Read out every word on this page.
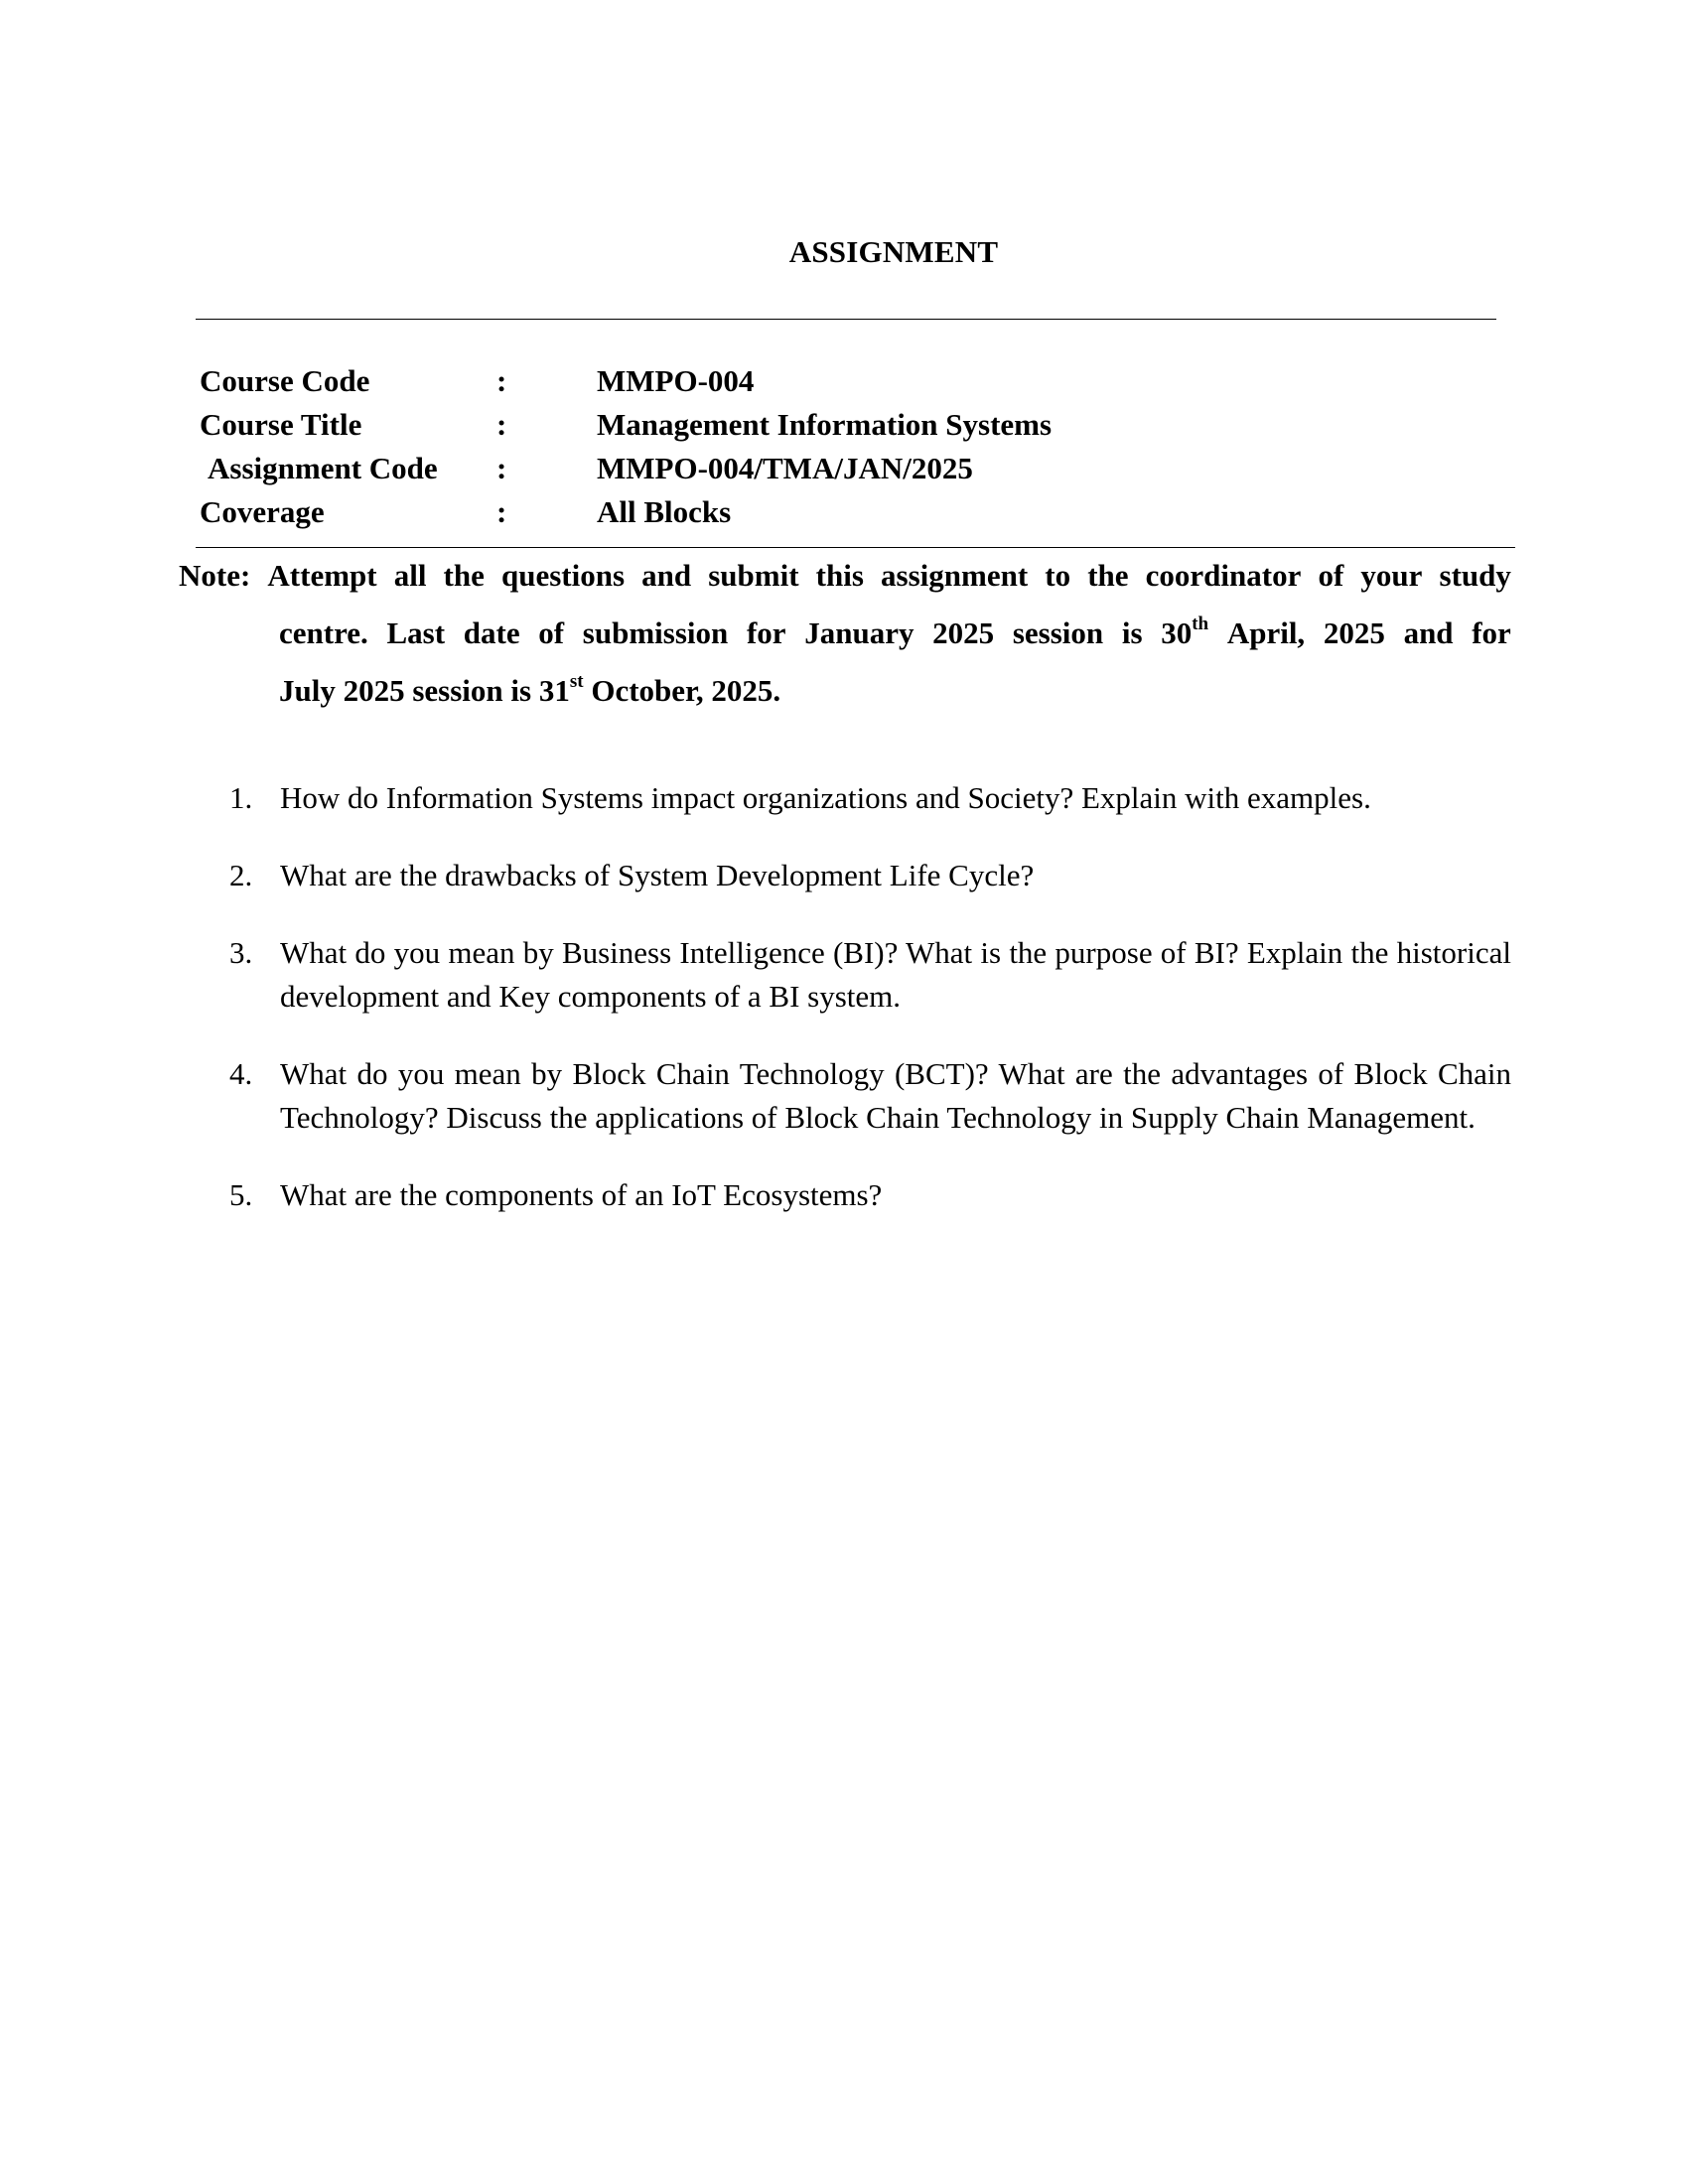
ASSIGNMENT
Course Code	:	MMPO-004
Course Title	:	Management Information Systems
Assignment Code :	MMPO-004/TMA/JAN/2025
Coverage	:	All Blocks
Note: Attempt all the questions and submit this assignment to the coordinator of your study
centre. Last date of submission for January 2025 session is 30th April, 2025 and for
July 2025 session is 31st October, 2025.
1. How do Information Systems impact organizations and Society? Explain with examples.
2. What are the drawbacks of System Development Life Cycle?
3. What do you mean by Business Intelligence (BI)? What is the purpose of BI? Explain the historical development and Key components of a BI system.
4. What do you mean by Block Chain Technology (BCT)? What are the advantages of Block Chain Technology? Discuss the applications of Block Chain Technology in Supply Chain Management.
5. What are the components of an IoT Ecosystems?
